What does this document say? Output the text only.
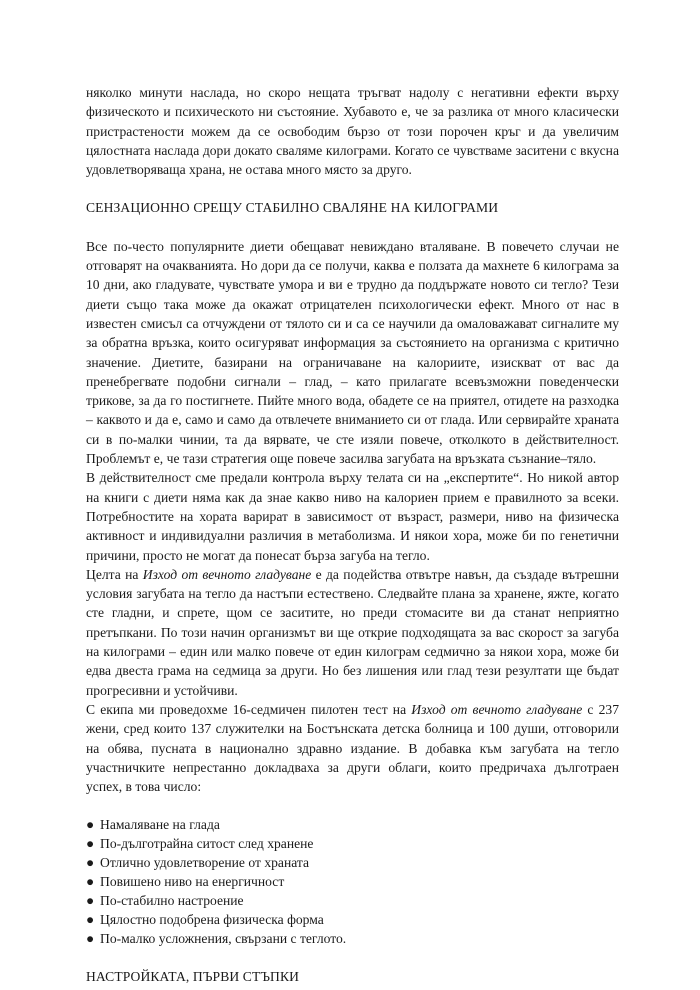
няколко минути наслада, но скоро нещата тръгват надолу с негативни ефекти върху физическото и психическото ни състояние. Хубавото е, че за разлика от много класически пристрастености можем да се освободим бързо от този порочен кръг и да увеличим цялостната наслада дори докато сваляме килограми. Когато се чувстваме заситени с вкусна удовлетворяваща храна, не остава много място за друго.

СЕНЗАЦИОННО СРЕЩУ СТАБИЛНО СВАЛЯНЕ НА КИЛОГРАМИ

Все по-често популярните диети обещават невиждано вталяване. В повечето случаи не отговарят на очакванията. Но дори да се получи, каква е ползата да махнете 6 килограма за 10 дни, ако гладувате, чувствате умора и ви е трудно да поддържате новото си тегло? Тези диети също така може да окажат отрицателен психологически ефект. Много от нас в известен смисъл са отчуждени от тялото си и са се научили да омаловажават сигналите му за обратна връзка, които осигуряват информация за състоянието на организма с критично значение. Диетите, базирани на ограничаване на калориите, изискват от вас да пренебрегвате подобни сигнали – глад, – като прилагате всевъзможни поведенчески трикове, за да го постигнете. Пийте много вода, обадете се на приятел, отидете на разходка – каквото и да е, само и само да отвлечете вниманието си от глада. Или сервирайте храната си в по-малки чинии, та да вярвате, че сте изяли повече, отколкото в действителност. Проблемът е, че тази стратегия още повече засилва загубата на връзката съзнание–тяло.

В действителност сме предали контрола върху телата си на „експертите“. Но никой автор на книги с диети няма как да знае какво ниво на калориен прием е правилното за всеки. Потребностите на хората варират в зависимост от възраст, размери, ниво на физическа активност и индивидуални различия в метаболизма. И някои хора, може би по генетични причини, просто не могат да понесат бърза загуба на тегло.

Целта на Изход от вечното гладуване е да подейства отвътре навън, да създаде вътрешни условия загубата на тегло да настъпи естествено. Следвайте плана за хранене, яжте, когато сте гладни, и спрете, щом се заситите, но преди стомасите ви да станат неприятно претъпкани. По този начин организмът ви ще открие подходящата за вас скорост за загуба на килограми – един или малко повече от един килограм седмично за някои хора, може би едва двеста грама на седмица за други. Но без лишения или глад тези резултати ще бъдат прогресивни и устойчиви.

С екипа ми проведохме 16-седмичен пилотен тест на Изход от вечното гладуване с 237 жени, сред които 137 служителки на Бостънската детска болница и 100 души, отговорили на обява, пусната в национално здравно издание. В добавка към загубата на тегло участничките непрестанно докладваха за други облаги, които предричаха дълготраен успех, в това число:

● Намаляване на глада
● По-дълготрайна ситост след хранене
● Отлично удовлетворение от храната
● Повишено ниво на енергичност
● По-стабилно настроение
● Цялостно подобрена физическа форма
● По-малко усложнения, свързани с теглото.
НАСТРОЙКАТА, ПЪРВИ СТЪПКИ
